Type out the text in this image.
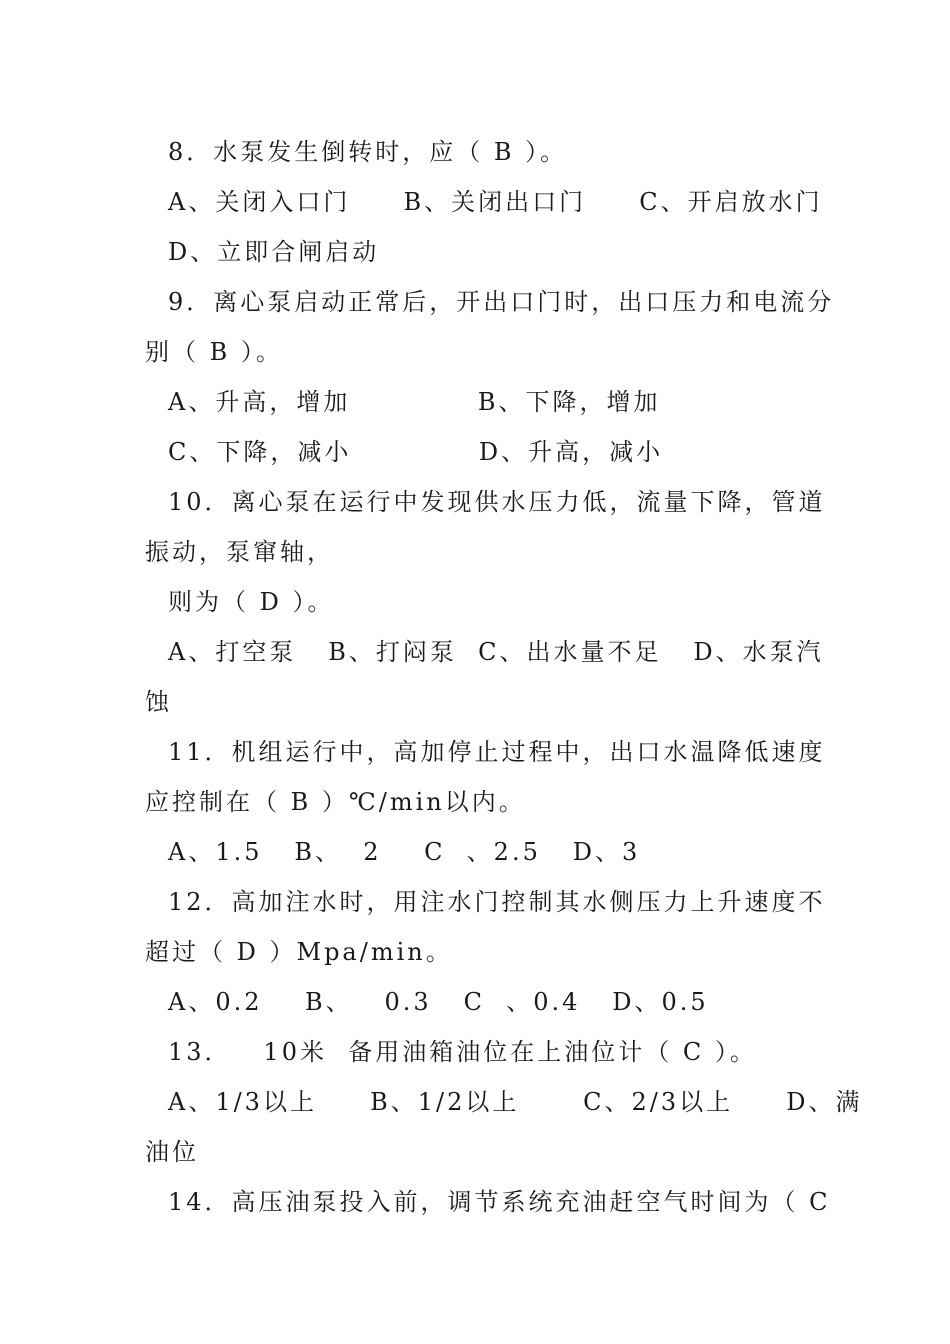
8．水泵发生倒转时，应（ B ）。
A、关闭入口门     B、关闭出口门     C、开启放水门
D、立即合闸启动
9．离心泵启动正常后，开出口门时，出口压力和电流分
别（ B ）。
A、升高，增加            B、下降，增加
C、下降，减小            D、升高，减小
10．离心泵在运行中发现供水压力低，流量下降，管道
振动，泵窜轴，
则为（ D ）。
A、打空泵   B、打闷泵  C、出水量不足   D、水泵汽
蚀
11．机组运行中，高加停止过程中，出口水温降低速度
应控制在（ B ）℃/min以内。
A、1.5   B、  2    C  、2.5   D、3
12．高加注水时，用注水门控制其水侧压力上升速度不
超过（ D ）Mpa/min。
A、0.2    B、   0.3   C  、0.4   D、0.5
13．   10米  备用油箱油位在上油位计（ C ）。
A、1/3以上     B、1/2以上      C、2/3以上     D、满
油位
14．高压油泵投入前，调节系统充油赶空气时间为（ C
